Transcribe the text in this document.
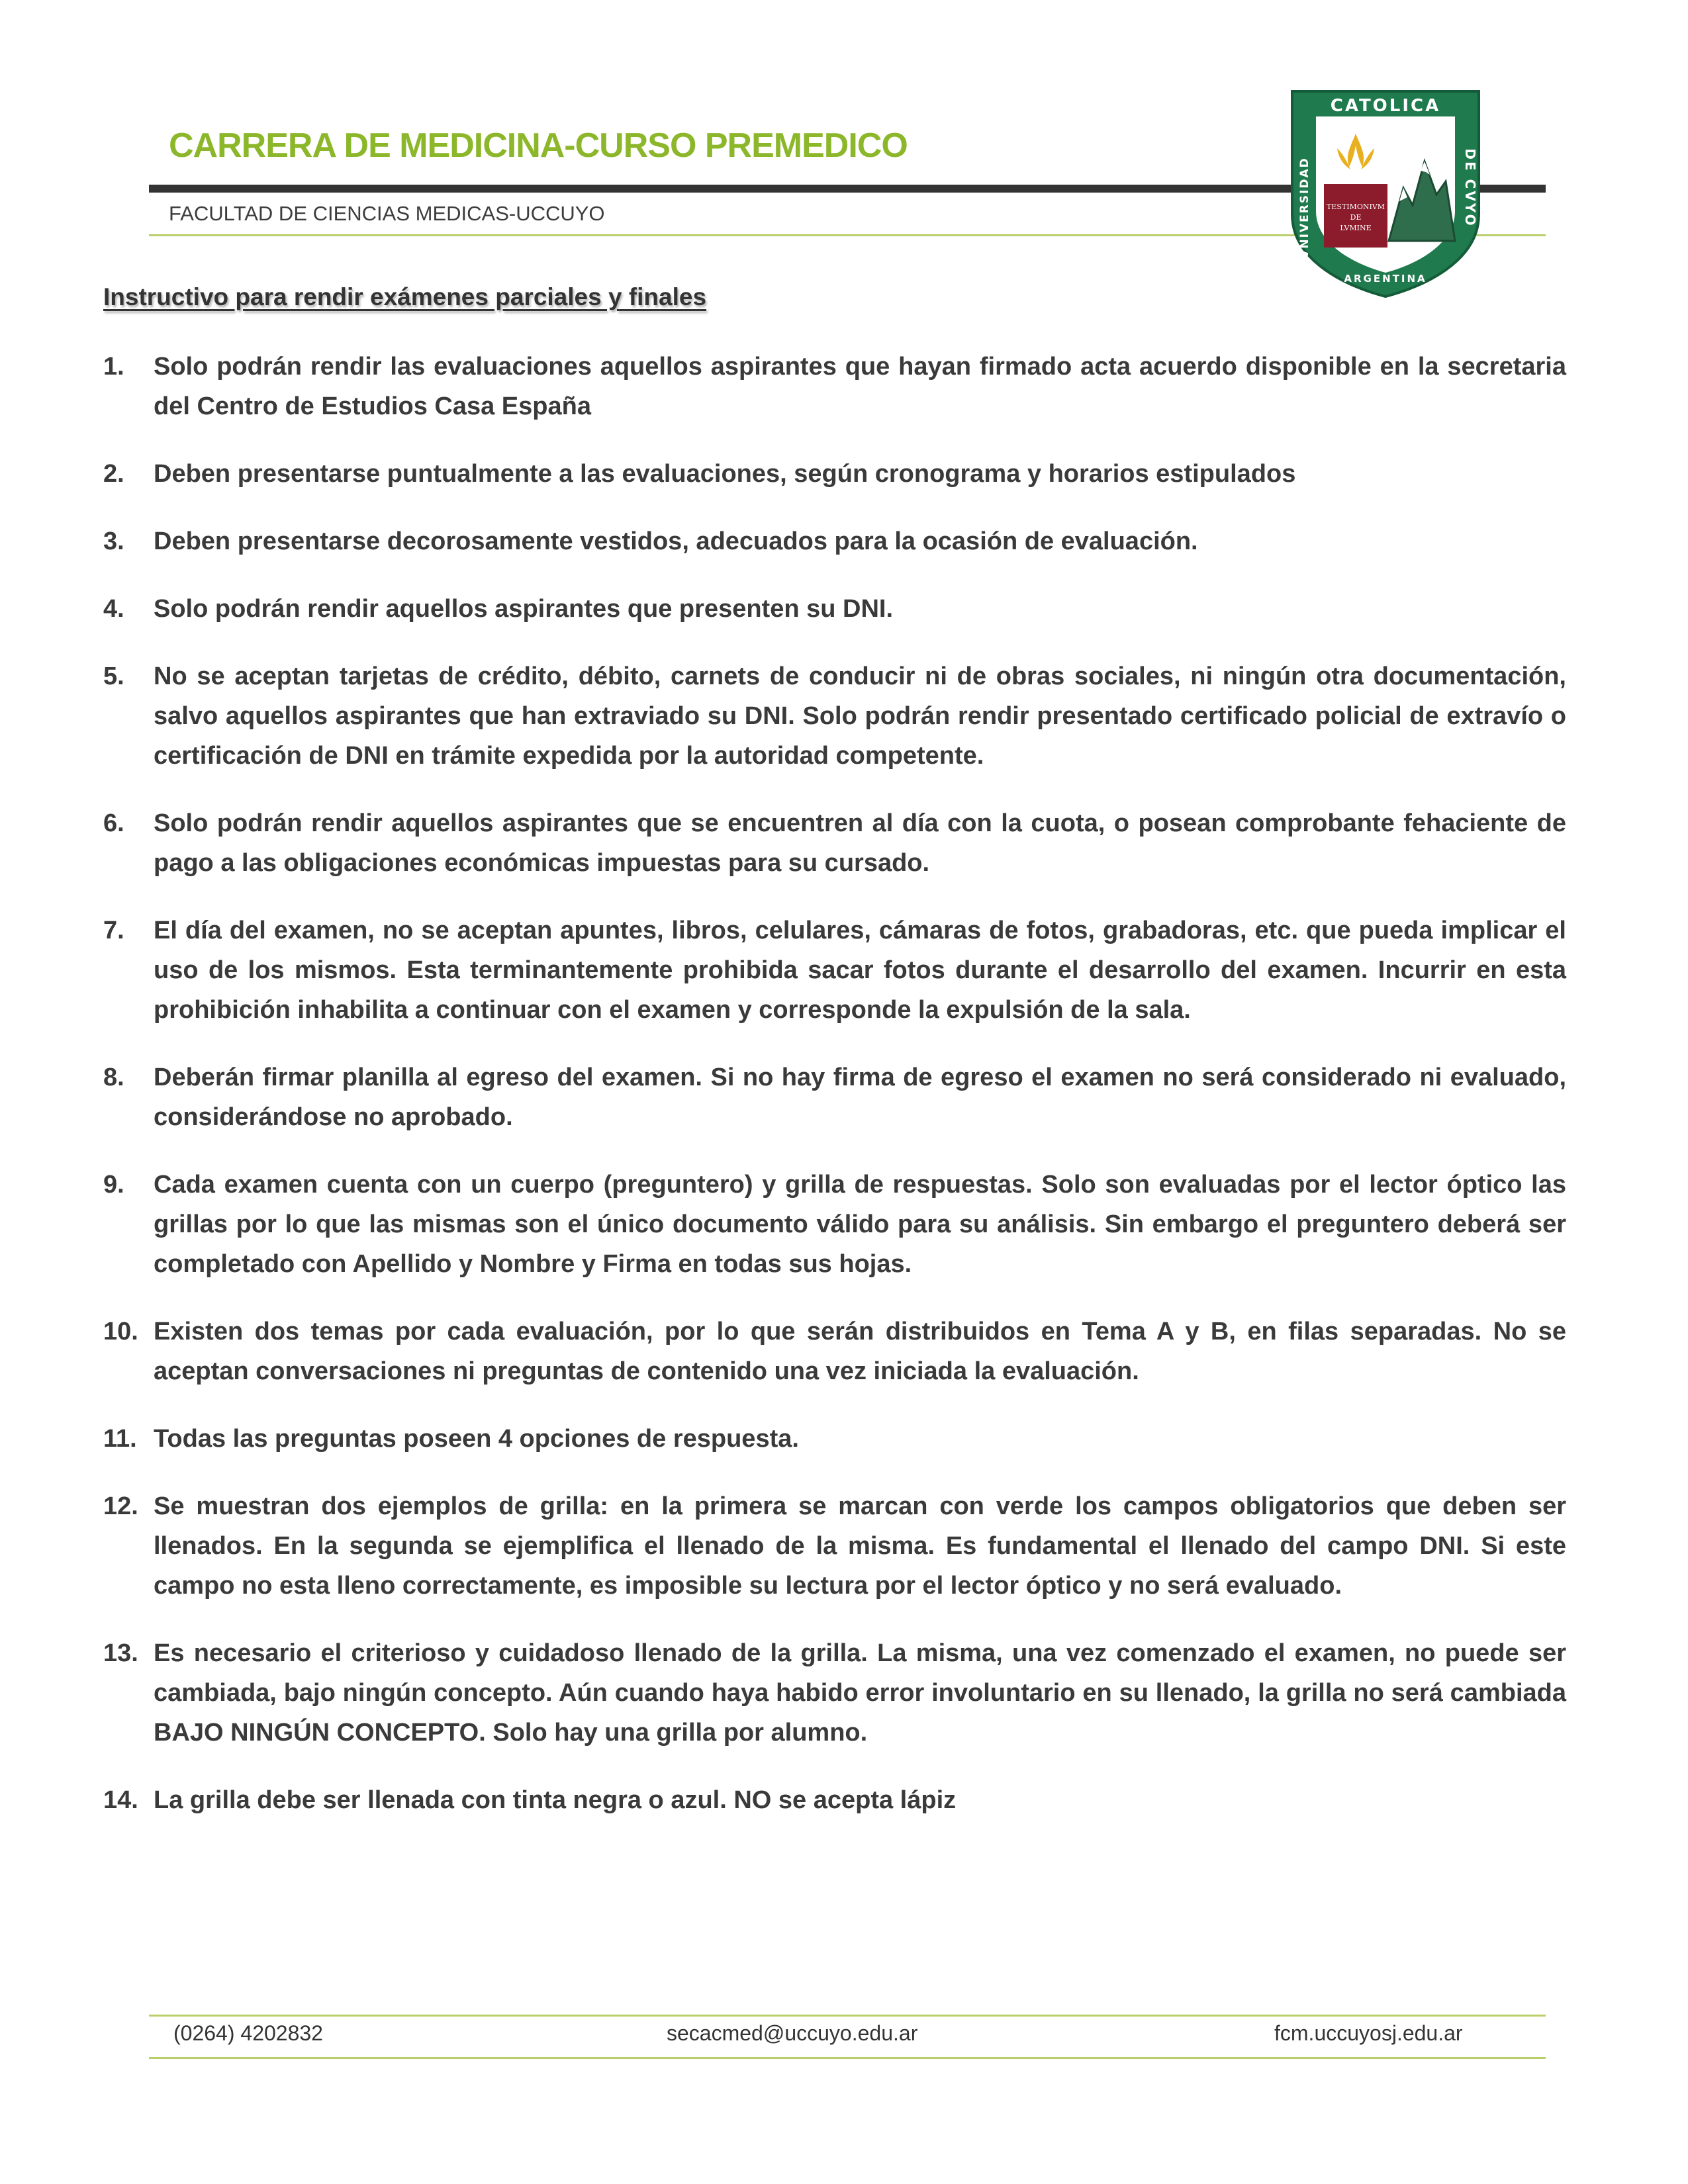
CARRERA DE MEDICINA-CURSO PREMEDICO
FACULTAD DE CIENCIAS MEDICAS-UCCUYO
CATOLICA
VNIVERSIDAD	DE CVYO
ARGENTINA
TESTIMONIVM
DE
LVMINE
Instructivo para rendir exámenes parciales y finales
1. Solo podrán rendir las evaluaciones aquellos aspirantes que hayan firmado acta acuerdo disponible en la secretaria del Centro de Estudios Casa España
2. Deben presentarse puntualmente a las evaluaciones, según cronograma y horarios estipulados
3. Deben presentarse decorosamente vestidos, adecuados para la ocasión de evaluación.
4. Solo podrán rendir aquellos aspirantes que presenten su DNI.
5. No se aceptan tarjetas de crédito, débito, carnets de conducir ni de obras sociales, ni ningún otra documentación, salvo aquellos aspirantes que han extraviado su DNI. Solo podrán rendir presentado certificado policial de extravío o certificación de DNI en trámite expedida por la autoridad competente.
6. Solo podrán rendir aquellos aspirantes que se encuentren al día con la cuota, o posean comprobante fehaciente de pago a las obligaciones económicas impuestas para su cursado.
7. El día del examen, no se aceptan apuntes, libros, celulares, cámaras de fotos, grabadoras, etc. que pueda implicar el uso de los mismos. Esta terminantemente prohibida sacar fotos durante el desarrollo del examen. Incurrir en esta prohibición inhabilita a continuar con el examen y corresponde la expulsión de la sala.
8. Deberán firmar planilla al egreso del examen. Si no hay firma de egreso el examen no será considerado ni evaluado, considerándose no aprobado.
9. Cada examen cuenta con un cuerpo (preguntero) y grilla de respuestas. Solo son evaluadas por el lector óptico las grillas por lo que las mismas son el único documento válido para su análisis. Sin embargo el preguntero deberá ser completado con Apellido y Nombre y Firma en todas sus hojas.
10. Existen dos temas por cada evaluación, por lo que serán distribuidos en Tema A y B, en filas separadas. No se aceptan conversaciones ni preguntas de contenido una vez iniciada la evaluación.
11. Todas las preguntas poseen 4 opciones de respuesta.
12. Se muestran dos ejemplos de grilla: en la primera se marcan con verde los campos obligatorios que deben ser llenados. En la segunda se ejemplifica el llenado de la misma. Es fundamental el llenado del campo DNI. Si este campo no esta lleno correctamente, es imposible su lectura por el lector óptico y no será evaluado.
13. Es necesario el criterioso y cuidadoso llenado de la grilla. La misma, una vez comenzado el examen, no puede ser cambiada, bajo ningún concepto. Aún cuando haya habido error involuntario en su llenado, la grilla no será cambiada BAJO NINGÚN CONCEPTO. Solo hay una grilla por alumno.
14. La grilla debe ser llenada con tinta negra o azul. NO se acepta lápiz
(0264) 4202832	secacmed@uccuyo.edu.ar	fcm.uccuyosj.edu.ar
